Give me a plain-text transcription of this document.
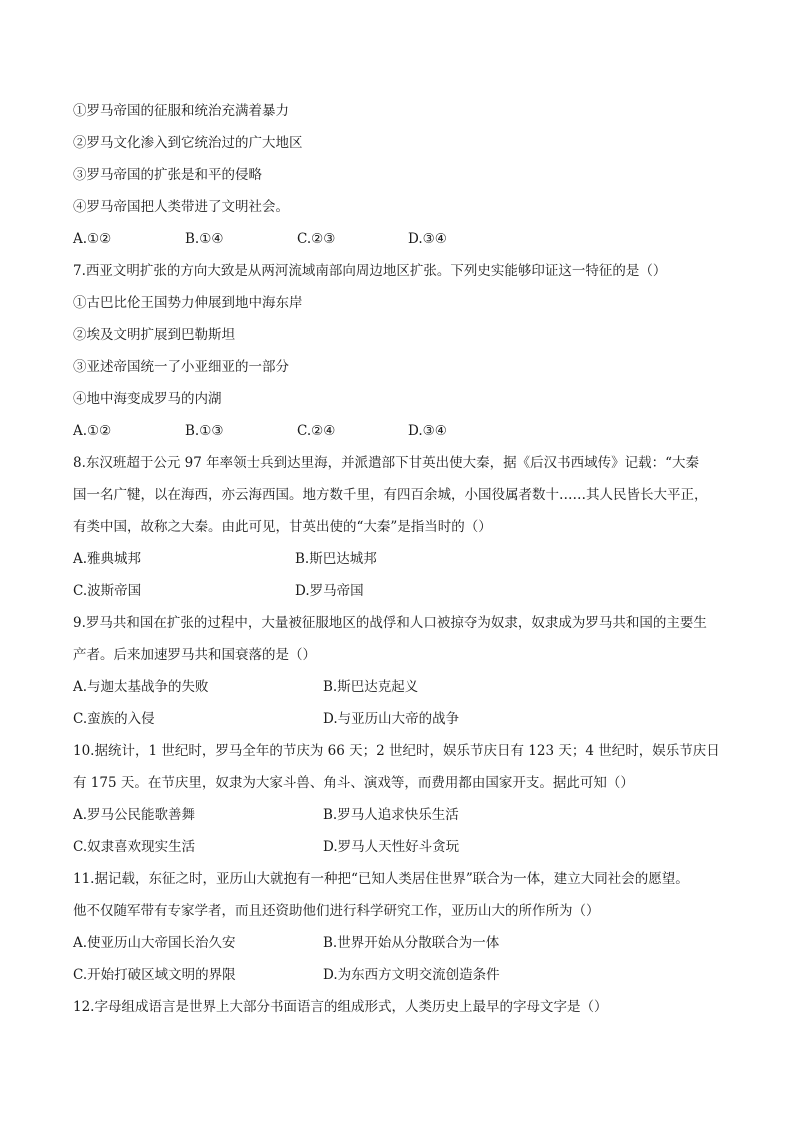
①罗马帝国的征服和统治充满着暴力
②罗马文化渗入到它统治过的广大地区
③罗马帝国的扩张是和平的侵略
④罗马帝国把人类带进了文明社会。
A.①②	B.①④	C.②③	D.③④
7.西亚文明扩张的方向大致是从两河流域南部向周边地区扩张。下列史实能够印证这一特征的是（）
①古巴比伦王国势力伸展到地中海东岸
②埃及文明扩展到巴勒斯坦
③亚述帝国统一了小亚细亚的一部分
④地中海变成罗马的内湖
A.①②	B.①③	C.②④	D.③④
8.东汉班超于公元 97 年率领士兵到达里海，并派遣部下甘英出使大秦，据《后汉书西域传》记载：“大秦
国一名广犍，以在海西，亦云海西国。地方数千里，有四百余城，小国役属者数十……其人民皆长大平正，
有类中国，故称之大秦。由此可见，甘英出使的“大秦”是指当时的（）
A.雅典城邦	B.斯巴达城邦
C.波斯帝国	D.罗马帝国
9.罗马共和国在扩张的过程中，大量被征服地区的战俘和人口被掠夺为奴隶，奴隶成为罗马共和国的主要生
产者。后来加速罗马共和国衰落的是（）
A.与迦太基战争的失败	B.斯巴达克起义
C.蛮族的入侵	D.与亚历山大帝的战争
10.据统计，1 世纪时，罗马全年的节庆为 66 天；2 世纪时，娱乐节庆日有 123 天；4 世纪时，娱乐节庆日
有 175 天。在节庆里，奴隶为大家斗兽、角斗、演戏等，而费用都由国家开支。据此可知（）
A.罗马公民能歌善舞	B.罗马人追求快乐生活
C.奴隶喜欢现实生活	D.罗马人天性好斗贪玩
11.据记载，东征之时，亚历山大就抱有一种把“已知人类居住世界”联合为一体，建立大同社会的愿望。
他不仅随军带有专家学者，而且还资助他们进行科学研究工作，亚历山大的所作所为（）
A.使亚历山大帝国长治久安	B.世界开始从分散联合为一体
C.开始打破区域文明的界限	D.为东西方文明交流创造条件
12.字母组成语言是世界上大部分书面语言的组成形式，人类历史上最早的字母文字是（）
